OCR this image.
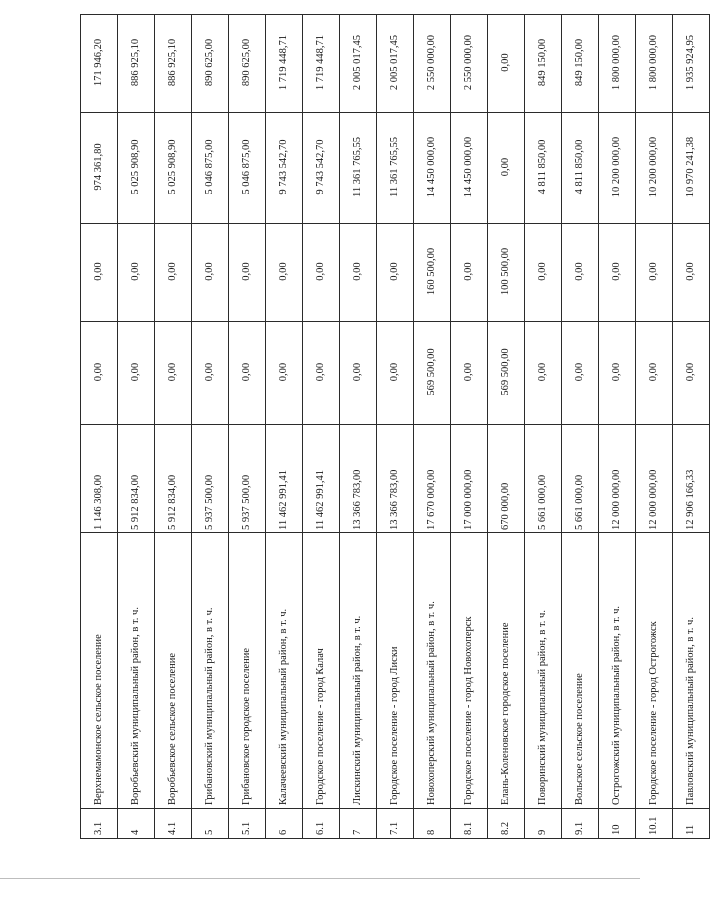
3.1	Верхнемамонское сельское поселение	1 146 308,00	0,00	0,00	974 361,80	171 946,20
4	Воробьевский муниципальный район, в т. ч.	5 912 834,00	0,00	0,00	5 025 908,90	886 925,10
4.1	Воробьевское сельское поселение	5 912 834,00	0,00	0,00	5 025 908,90	886 925,10
5	Грибановский муниципальный район, в т. ч.	5 937 500,00	0,00	0,00	5 046 875,00	890 625,00
5.1	Грибановское городское поселение	5 937 500,00	0,00	0,00	5 046 875,00	890 625,00
6	Калачеевский муниципальный район, в т. ч.	11 462 991,41	0,00	0,00	9 743 542,70	1 719 448,71
6.1	Городское поселение - город Калач	11 462 991,41	0,00	0,00	9 743 542,70	1 719 448,71
7	Лискинский муниципальный район, в т. ч.	13 366 783,00	0,00	0,00	11 361 765,55	2 005 017,45
7.1	Городское поселение - город Лиски	13 366 783,00	0,00	0,00	11 361 765,55	2 005 017,45
8	Новохоперский муниципальный район, в т. ч.	17 670 000,00	569 500,00	160 500,00	14 450 000,00	2 550 000,00
8.1	Городское поселение - город Новохоперск	17 000 000,00	0,00	0,00	14 450 000,00	2 550 000,00
8.2	Елань-Коленовское городское поселение	670 000,00	569 500,00	100 500,00	0,00	0,00
9	Поворинский муниципальный район, в т. ч.	5 661 000,00	0,00	0,00	4 811 850,00	849 150,00
9.1	Вольское сельское поселение	5 661 000,00	0,00	0,00	4 811 850,00	849 150,00
10	Острогожский муниципальный район, в т. ч.	12 000 000,00	0,00	0,00	10 200 000,00	1 800 000,00
10.1	Городское поселение - город Острогожск	12 000 000,00	0,00	0,00	10 200 000,00	1 800 000,00
11	Павловский муниципальный район, в т. ч.	12 906 166,33	0,00	0,00	10 970 241,38	1 935 924,95
